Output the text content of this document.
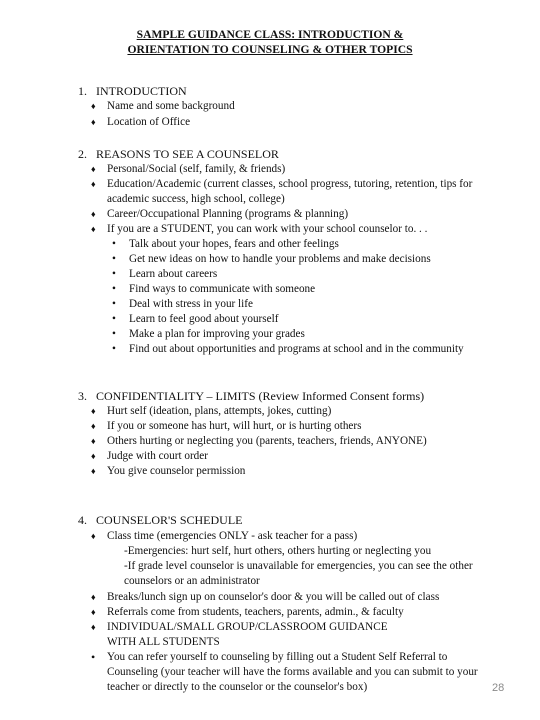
SAMPLE GUIDANCE CLASS: INTRODUCTION &
ORIENTATION TO COUNSELING & OTHER TOPICS
1. INTRODUCTION
♦ Name and some background
♦ Location of Office
2. REASONS TO SEE A COUNSELOR
♦ Personal/Social (self, family, & friends)
♦ Education/Academic (current classes, school progress, tutoring, retention, tips for academic success, high school, college)
♦ Career/Occupational Planning (programs & planning)
♦ If you are a STUDENT, you can work with your school counselor to. . .
• Talk about your hopes, fears and other feelings
• Get new ideas on how to handle your problems and make decisions
• Learn about careers
• Find ways to communicate with someone
• Deal with stress in your life
• Learn to feel good about yourself
• Make a plan for improving your grades
• Find out about opportunities and programs at school and in the community
3. CONFIDENTIALITY – LIMITS (Review Informed Consent forms)
♦ Hurt self (ideation, plans, attempts, jokes, cutting)
♦ If you or someone has hurt, will hurt, or is hurting others
♦ Others hurting or neglecting you (parents, teachers, friends, ANYONE)
♦ Judge with court order
♦ You give counselor permission
4. COUNSELOR'S SCHEDULE
♦ Class time (emergencies ONLY - ask teacher for a pass)
-Emergencies: hurt self, hurt others, others hurting or neglecting you
-If grade level counselor is unavailable for emergencies, you can see the other counselors or an administrator
♦ Breaks/lunch sign up on counselor's door & you will be called out of class
♦ Referrals come from students, teachers, parents, admin., & faculty
♦ INDIVIDUAL/SMALL GROUP/CLASSROOM GUIDANCE WITH ALL STUDENTS
• You can refer yourself to counseling by filling out a Student Self Referral to Counseling (your teacher will have the forms available and you can submit to your teacher or directly to the counselor or the counselor's box)	28
